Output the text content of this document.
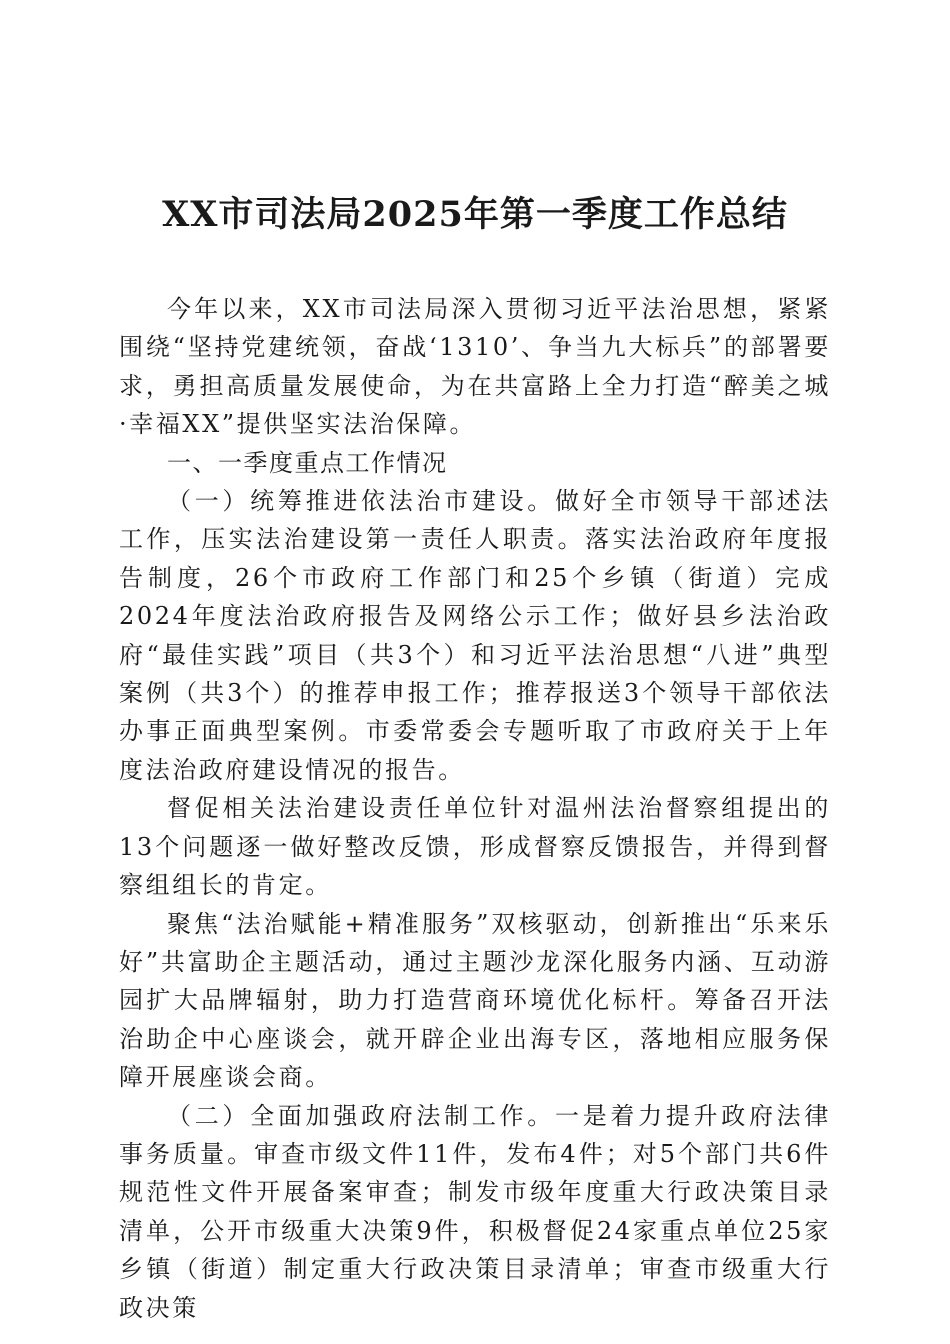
XX市司法局2025年第一季度工作总结

今年以来，XX市司法局深入贯彻习近平法治思想，紧紧围绕“坚持党建统领，奋战‘1310’、争当九大标兵”的部署要求，勇担高质量发展使命，为在共富路上全力打造“醉美之城·幸福XX”提供坚实法治保障。

一、一季度重点工作情况

（一）统筹推进依法治市建设。做好全市领导干部述法工作，压实法治建设第一责任人职责。落实法治政府年度报告制度，26个市政府工作部门和25个乡镇（街道）完成2024年度法治政府报告及网络公示工作；做好县乡法治政府“最佳实践”项目（共3个）和习近平法治思想“八进”典型案例（共3个）的推荐申报工作；推荐报送3个领导干部依法办事正面典型案例。市委常委会专题听取了市政府关于上年度法治政府建设情况的报告。

督促相关法治建设责任单位针对温州法治督察组提出的13个问题逐一做好整改反馈，形成督察反馈报告，并得到督察组组长的肯定。

聚焦“法治赋能+精准服务”双核驱动，创新推出“乐来乐好”共富助企主题活动，通过主题沙龙深化服务内涵、互动游园扩大品牌辐射，助力打造营商环境优化标杆。筹备召开法治助企中心座谈会，就开辟企业出海专区，落地相应服务保障开展座谈会商。

（二）全面加强政府法制工作。一是着力提升政府法律事务质量。审查市级文件11件，发布4件；对5个部门共6件规范性文件开展备案审查；制发市级年度重大行政决策目录清单，公开市级重大决策9件，积极督促24家重点单位25家乡镇（街道）制定重大行政决策目录清单；审查市级重大行政决策
